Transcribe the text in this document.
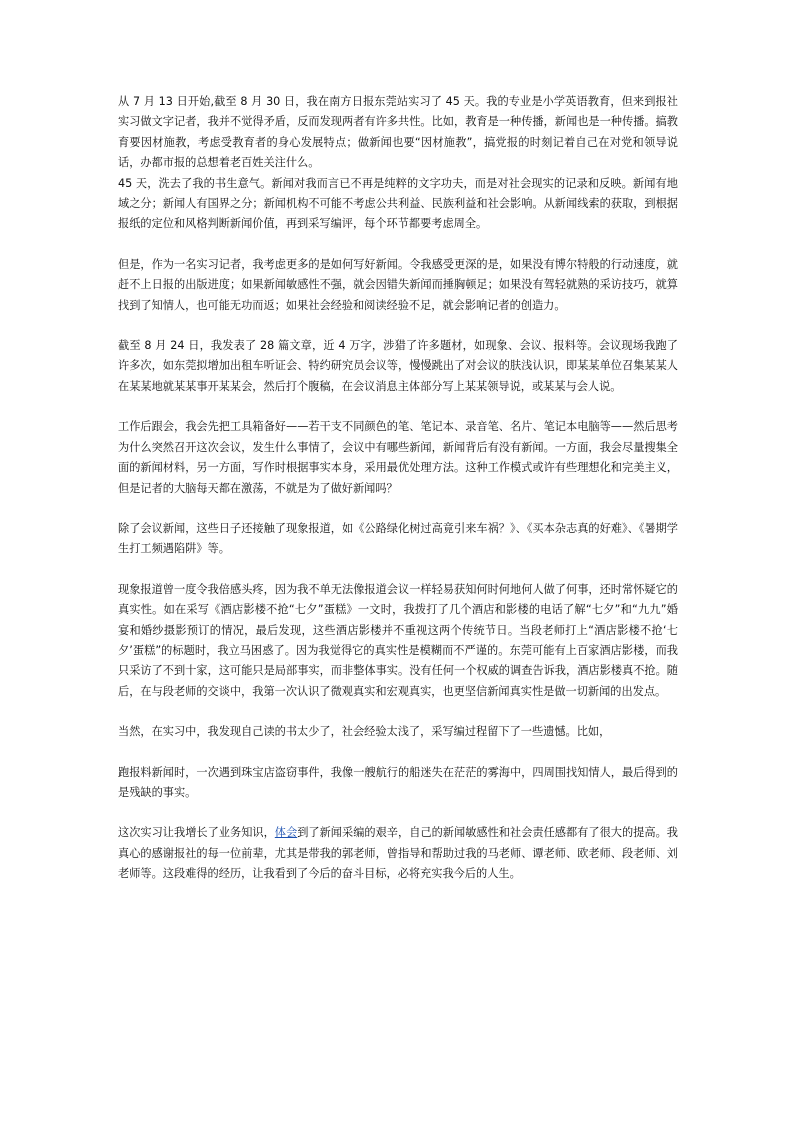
从 7 月 13 日开始,截至 8 月 30 日，我在南方日报东莞站实习了 45 天。我的专业是小学英语教育，但来到报社实习做文字记者，我并不觉得矛盾，反而发现两者有许多共性。比如，教育是一种传播，新闻也是一种传播。搞教育要因材施教，考虑受教育者的身心发展特点；做新闻也要“因材施教”，搞党报的时刻记着自己在对党和领导说话，办都市报的总想着老百姓关注什么。

45 天，洗去了我的书生意气。新闻对我而言已不再是纯粹的文字功夫，而是对社会现实的记录和反映。新闻有地域之分；新闻人有国界之分；新闻机构不可能不考虑公共利益、民族利益和社会影响。从新闻线索的获取，到根据报纸的定位和风格判断新闻价值，再到采写编评，每个环节都要考虑周全。

但是，作为一名实习记者，我考虑更多的是如何写好新闻。令我感受更深的是，如果没有博尔特般的行动速度，就赶不上日报的出版进度；如果新闻敏感性不强，就会因错失新闻而捶胸顿足；如果没有驾轻就熟的采访技巧，就算找到了知情人，也可能无功而返；如果社会经验和阅读经验不足，就会影响记者的创造力。

截至 8 月 24 日，我发表了 28 篇文章，近 4 万字，涉猎了许多题材，如现象、会议、报料等。会议现场我跑了许多次，如东莞拟增加出租车听证会、特约研究员会议等，慢慢跳出了对会议的肤浅认识，即某某单位召集某某人在某某地就某某事开某某会，然后打个腹稿，在会议消息主体部分写上某某领导说，或某某与会人说。

工作后跟会，我会先把工具箱备好——若干支不同颜色的笔、笔记本、录音笔、名片、笔记本电脑等——然后思考为什么突然召开这次会议，发生什么事情了，会议中有哪些新闻，新闻背后有没有新闻。一方面，我会尽量搜集全面的新闻材料，另一方面，写作时根据事实本身，采用最优处理方法。这种工作模式或许有些理想化和完美主义，但是记者的大脑每天都在激荡，不就是为了做好新闻吗？

除了会议新闻，这些日子还接触了现象报道，如《公路绿化树过高竟引来车祸？》、《买本杂志真的好难》、《暑期学生打工频遇陷阱》等。

现象报道曾一度令我倍感头疼，因为我不单无法像报道会议一样轻易获知何时何地何人做了何事，还时常怀疑它的真实性。如在采写《酒店影楼不抢“七夕”蛋糕》一文时，我拨打了几个酒店和影楼的电话了解“七夕”和“九九”婚宴和婚纱摄影预订的情况，最后发现，这些酒店影楼并不重视这两个传统节日。当段老师打上“酒店影楼不抢‘七夕’蛋糕”的标题时，我立马困惑了。因为我觉得它的真实性是模糊而不严谨的。东莞可能有上百家酒店影楼，而我只采访了不到十家，这可能只是局部事实，而非整体事实。没有任何一个权威的调查告诉我，酒店影楼真不抢。随后，在与段老师的交谈中，我第一次认识了微观真实和宏观真实，也更坚信新闻真实性是做一切新闻的出发点。

当然，在实习中，我发现自己读的书太少了，社会经验太浅了，采写编过程留下了一些遗憾。比如，

跑报料新闻时，一次遇到珠宝店盗窃事件，我像一艘航行的船迷失在茫茫的雾海中，四周围找知情人，最后得到的是残缺的事实。

这次实习让我增长了业务知识，体会到了新闻采编的艰辛，自己的新闻敏感性和社会责任感都有了很大的提高。我真心的感谢报社的每一位前辈，尤其是带我的郭老师，曾指导和帮助过我的马老师、谭老师、欧老师、段老师、刘老师等。这段难得的经历，让我看到了今后的奋斗目标，必将充实我今后的人生。
